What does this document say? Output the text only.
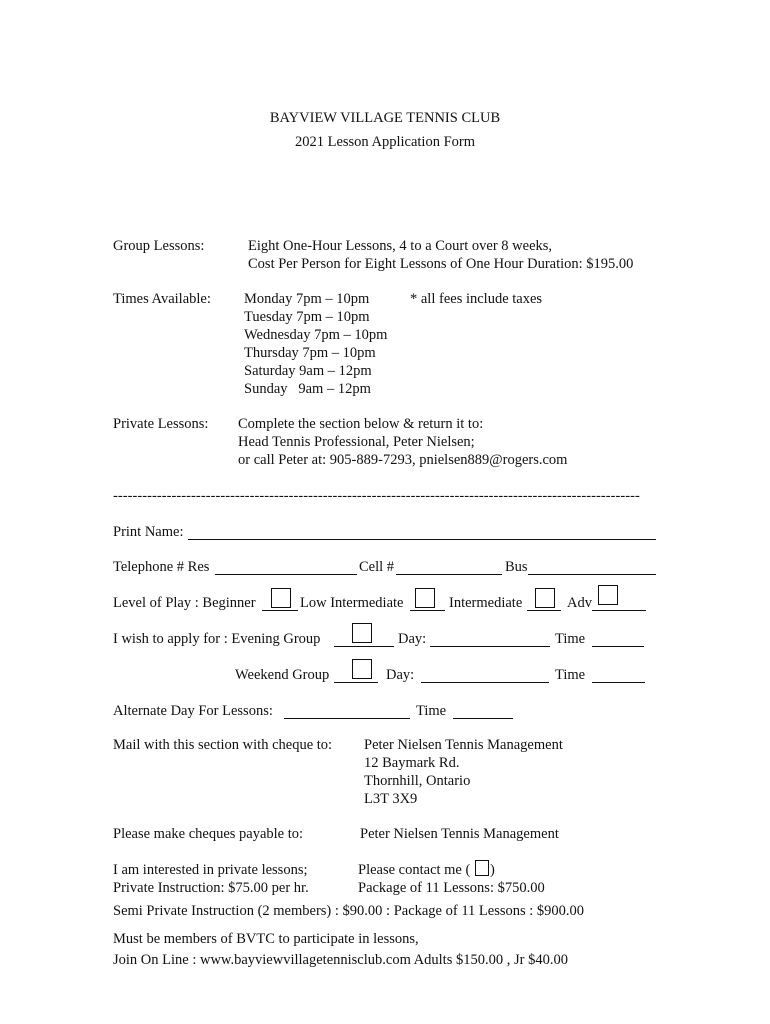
BAYVIEW VILLAGE TENNIS CLUB
2021 Lesson Application Form
Group Lessons:	Eight One-Hour Lessons, 4 to a Court over 8 weeks,
Cost Per Person for Eight Lessons of One Hour Duration: $195.00
Times Available: Monday 7pm – 10pm
Tuesday 7pm – 10pm
Wednesday 7pm – 10pm
Thursday 7pm – 10pm
Saturday 9am – 12pm
Sunday   9am – 12pm
* all fees include taxes
Private Lessons: Complete the section below & return it to:
Head Tennis Professional, Peter Nielsen;
or call Peter at: 905-889-7293, pnielsen889@rogers.com
------------------------------------------------------------------------------------------------------------
Print Name:
Telephone # Res	Cell #	Bus
Level of Play : Beginner	Low Intermediate	Intermediate	Adv
I wish to apply for : Evening Group	Day:	Time
Weekend Group	Day:	Time
Alternate Day For Lessons:	Time
Mail with this section with cheque to: Peter Nielsen Tennis Management
12 Baymark Rd.
Thornhill, Ontario
L3T 3X9
Please make cheques payable to:	Peter Nielsen Tennis Management
I am interested in private lessons;	Please contact me ( )
Private Instruction: $75.00 per hr.	Package of 11 Lessons: $750.00
Semi Private Instruction (2 members) : $90.00 : Package of 11 Lessons : $900.00
Must be members of BVTC to participate in lessons,
Join On Line : www.bayviewvillagetennisclub.com Adults $150.00 , Jr $40.00
